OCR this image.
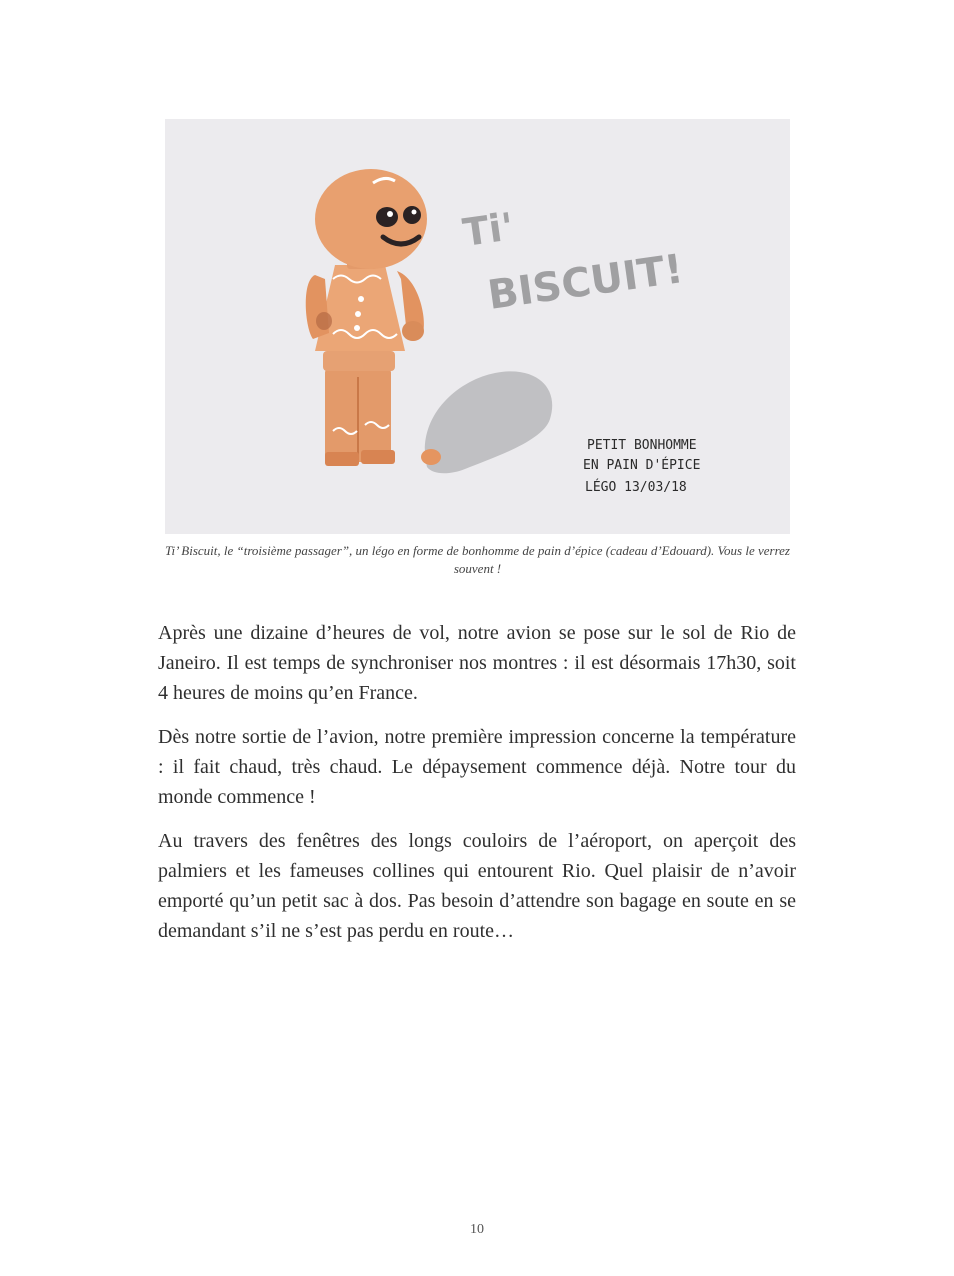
Ti'
BISCUIT!
PETIT BONHOMME
EN PAIN D'ÉPICE
LÉGO 13/03/18
Ti’ Biscuit, le “troisième passager”, un légo en forme de bonhomme de pain d’épice (cadeau d’Edouard). Vous le verrez souvent !

Après une dizaine d’heures de vol, notre avion se pose sur le sol de Rio de Janeiro. Il est temps de synchroniser nos montres : il est désormais 17h30, soit 4 heures de moins qu’en France.

Dès notre sortie de l’avion, notre première impression concerne la température : il fait chaud, très chaud. Le dépaysement commence déjà. Notre tour du monde commence !

Au travers des fenêtres des longs couloirs de l’aéroport, on aperçoit des palmiers et les fameuses collines qui entourent Rio. Quel plaisir de n’avoir emporté qu’un petit sac à dos. Pas besoin d’attendre son bagage en soute en se demandant s’il ne s’est pas perdu en route…

10
